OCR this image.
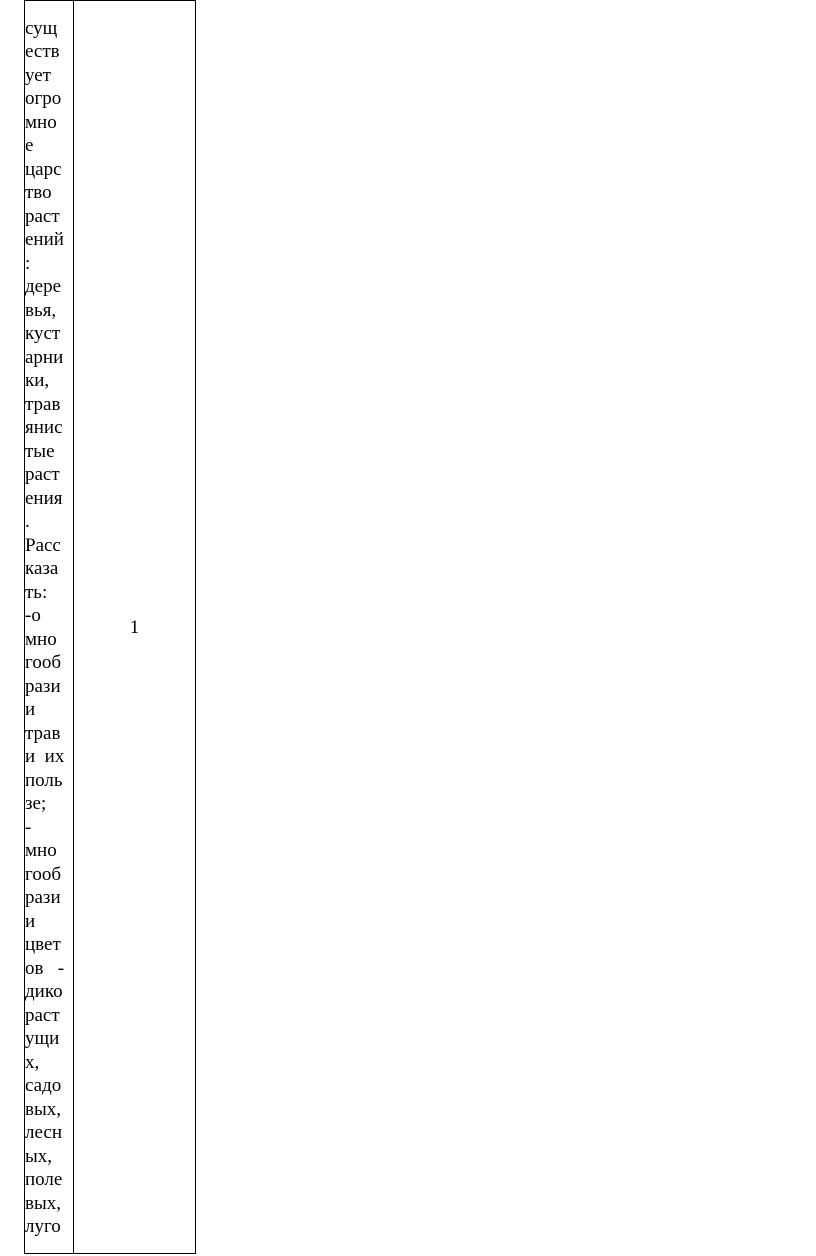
сущ
еств
ует
огро
мно
е
царс
тво
раст
ений
:
дере
вья,
куст
арни
ки,
трав
янис
тые
раст
ения
.
Расс
каза
ть:
-о
мно
гооб
рази
и
трав
и  их
поль
зе;
-
мно
гооб
рази
и
цвет
ов   -
дико
раст
ущи
х,
садо
вых,
лесн
ых,
поле
вых,
луго
	1
